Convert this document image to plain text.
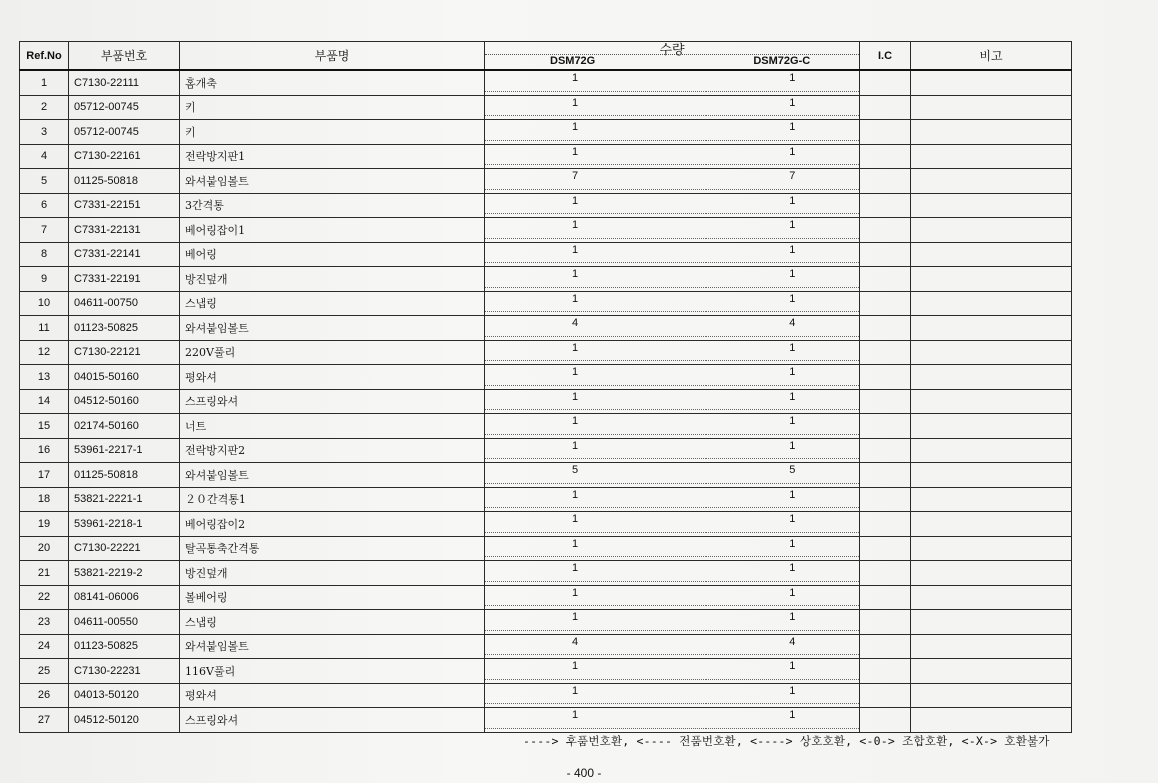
Ref.No	부품번호	부품명	수량
DSM72G DSM72G-C	I.C	비고
1	C7130-22111	홈개축	1 1		

2	05712-00745	키	1 1		

3	05712-00745	키	1 1		

4	C7130-22161	전락방지판1	1 1		

5	01125-50818	와셔붙임볼트	7 7		

6	C7331-22151	3간격통	1 1		

7	C7331-22131	베어링잡이1	1 1		

8	C7331-22141	베어링	1 1		

9	C7331-22191	방진덮개	1 1		

10	04611-00750	스냅링	1 1		

11	01123-50825	와셔붙임볼트	4 4		

12	C7130-22121	220V풀리	1 1		

13	04015-50160	평와셔	1 1		

14	04512-50160	스프링와셔	1 1		

15	02174-50160	너트	1 1		

16	53961-2217-1	전락방지판2	1 1		

17	01125-50818	와셔붙임볼트	5 5		

18	53821-2221-1	２０간격통1	1 1		

19	53961-2218-1	베어링잡이2	1 1		

20	C7130-22221	탈곡통축간격통	1 1		

21	53821-2219-2	방진덮개	1 1		

22	08141-06006	볼베어링	1 1		

23	04611-00550	스냅링	1 1		

24	01123-50825	와셔붙임볼트	4 4		

25	C7130-22231	116V풀리	1 1		

26	04013-50120	평와셔	1 1		

27	04512-50120	스프링와셔	1 1		

----> 후품번호환, <---- 전품번호환, <----> 상호호환, <-0-> 조합호환, <-X-> 호환불가
- 400 -
